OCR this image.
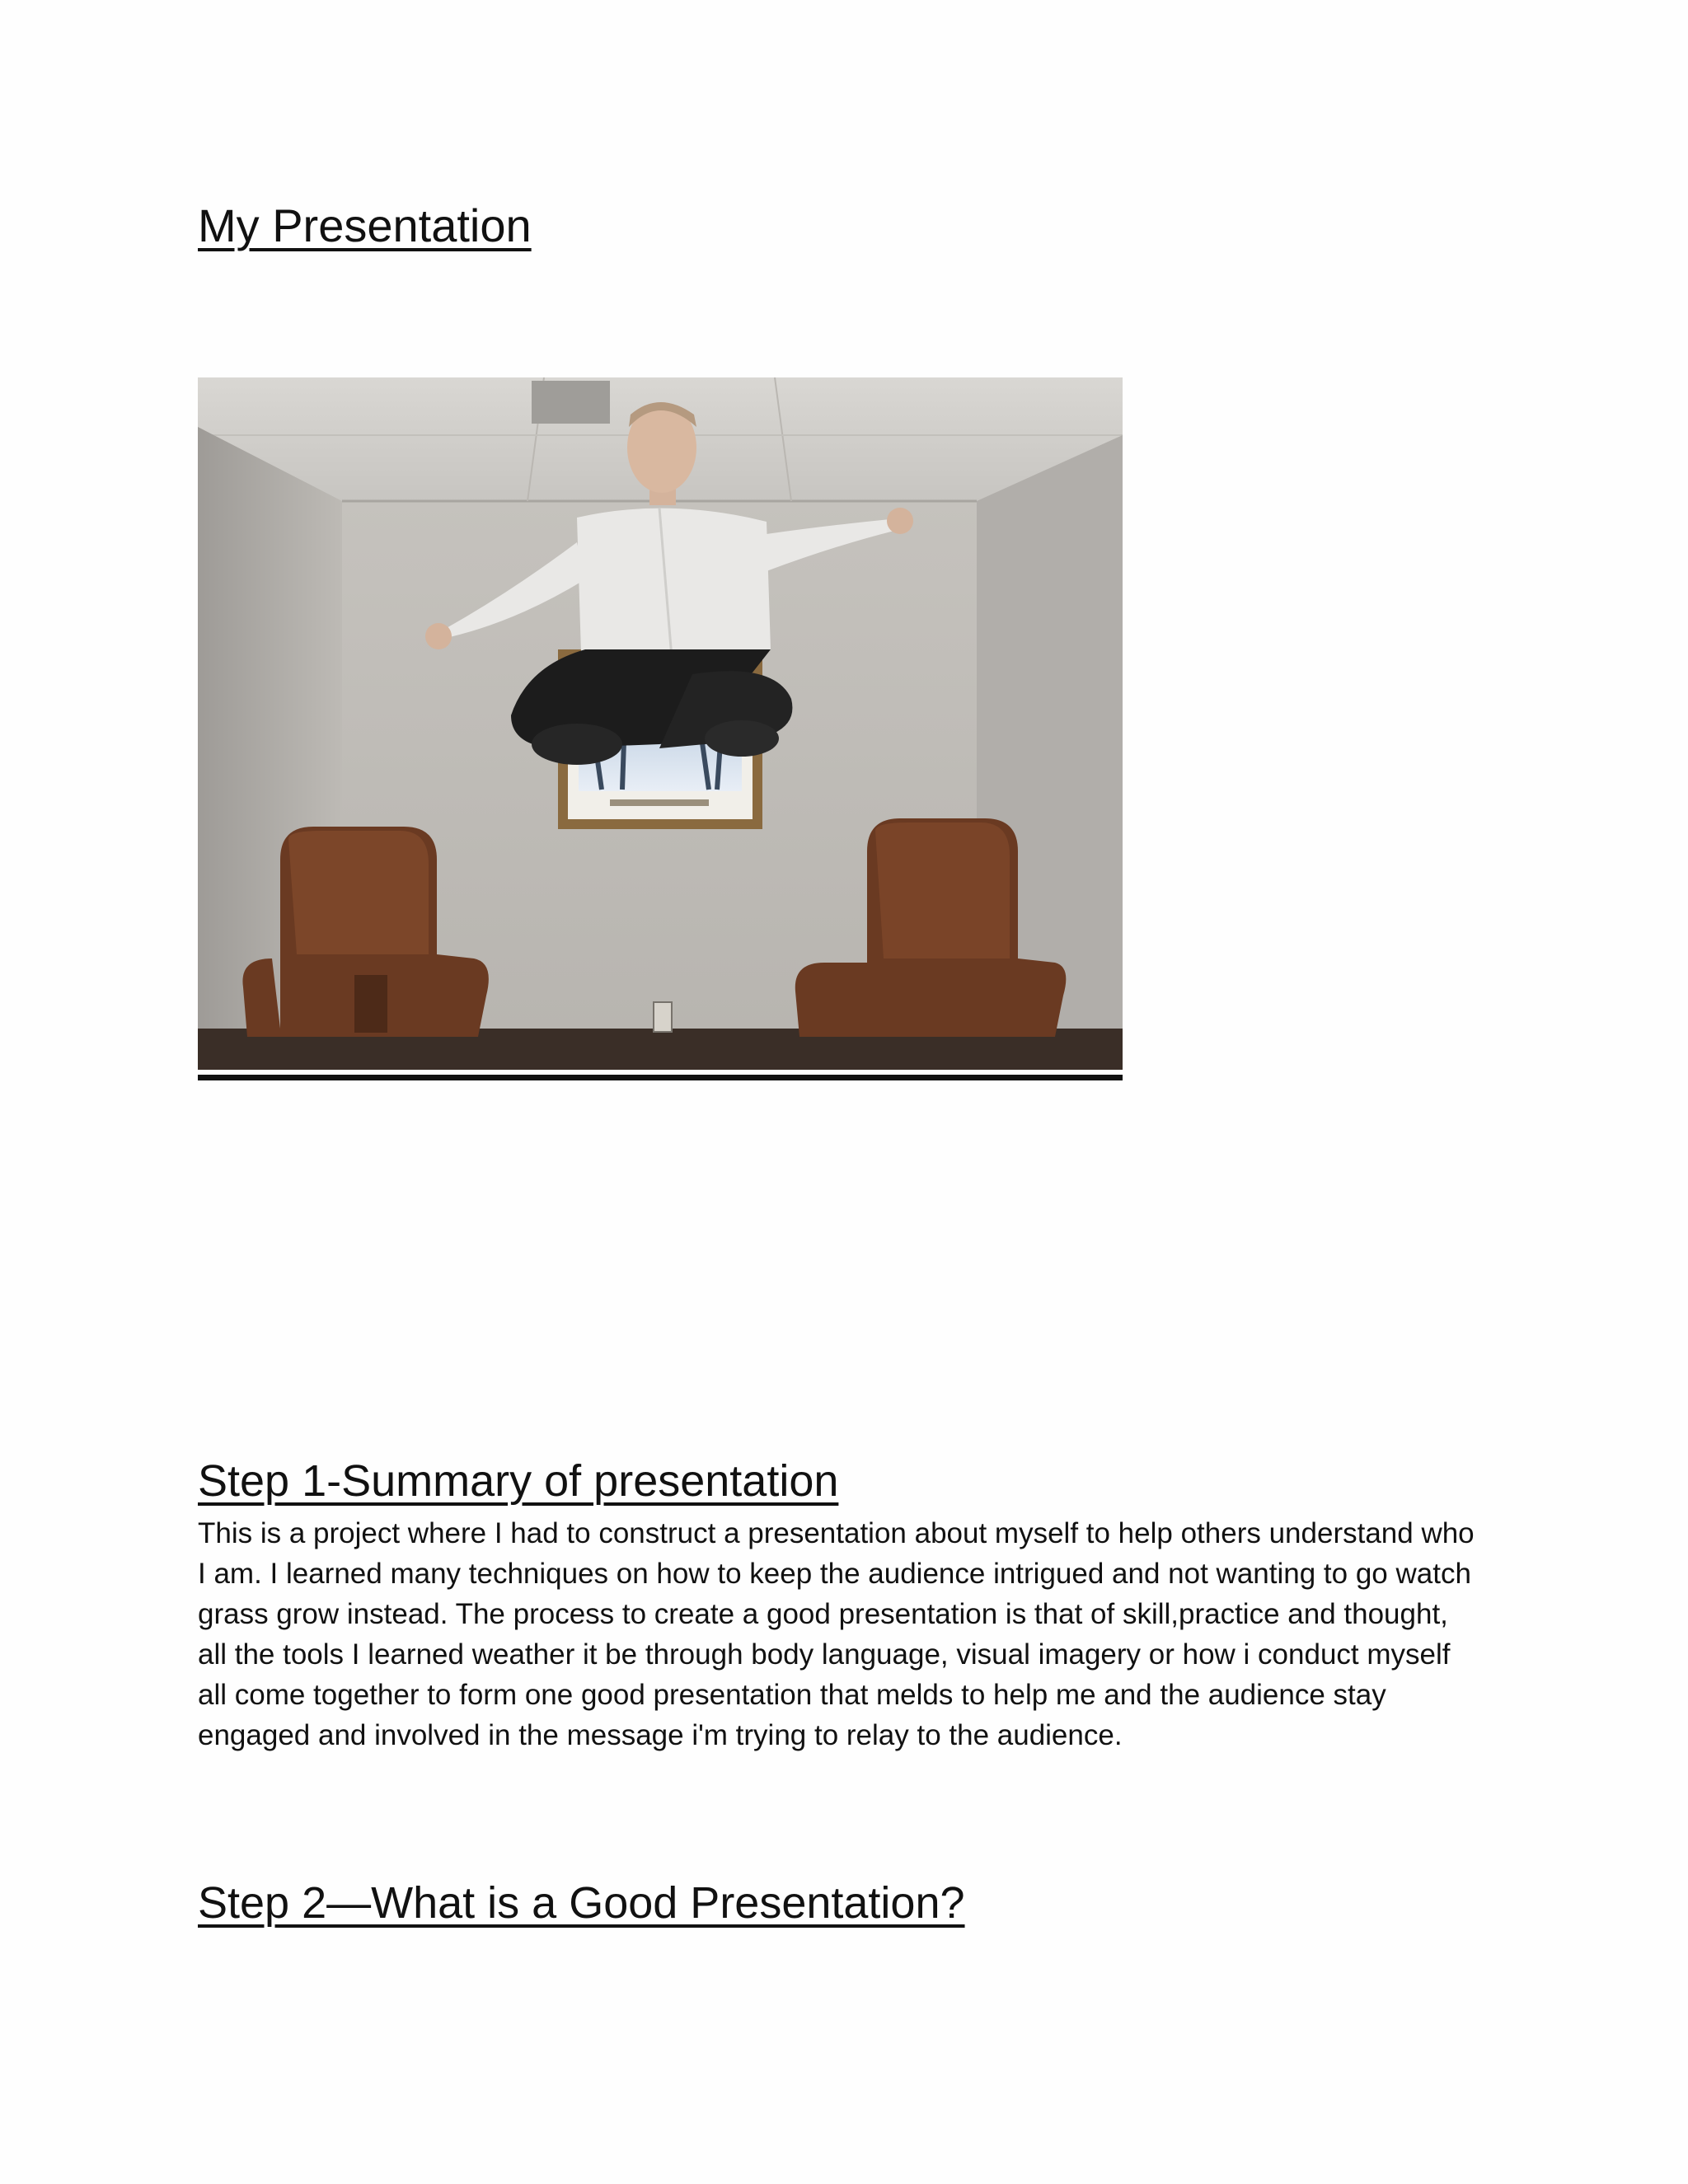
My Presentation
Step 1-Summary of presentation

This is a project where I had to construct a presentation about myself to help others understand who I am. I learned many techniques on how to keep the audience intrigued and not wanting to go watch grass grow instead. The process to create a good presentation is that of skill,practice and thought, all the tools I learned weather it be through body language, visual imagery or how i conduct myself all come together to form one good presentation that melds to help me and the audience stay engaged and involved in the message i'm trying to relay to the audience.

Step 2—What is a Good Presentation?
